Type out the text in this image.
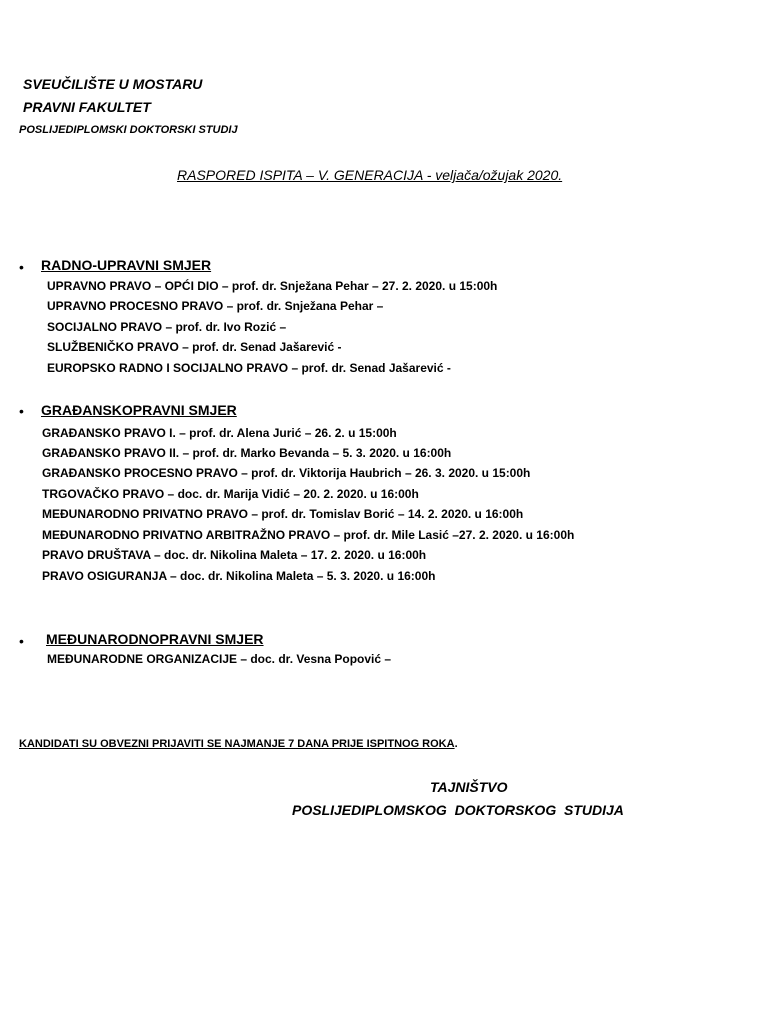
SVEUČILIŠTE U MOSTARU
PRAVNI FAKULTET
POSLIJEDIPLOMSKI DOKTORSKI STUDIJ
RASPORED ISPITA – V. GENERACIJA - veljača/ožujak 2020.
• RADNO-UPRAVNI SMJER
UPRAVNO PRAVO – OPĆI DIO – prof. dr. Snježana Pehar – 27. 2. 2020. u 15:00h
UPRAVNO PROCESNO PRAVO – prof. dr. Snježana Pehar –
SOCIJALNO PRAVO – prof. dr. Ivo Rozić –
SLUŽBENIČKO PRAVO – prof. dr. Senad Jašarević -
EUROPSKO RADNO I SOCIJALNO PRAVO – prof. dr. Senad Jašarević -
• GRAĐANSKOPRAVNI SMJER
GRAĐANSKO PRAVO I. – prof. dr. Alena Jurić – 26. 2. u 15:00h
GRAĐANSKO PRAVO II. – prof. dr. Marko Bevanda – 5. 3. 2020. u 16:00h
GRAĐANSKO PROCESNO PRAVO – prof. dr. Viktorija Haubrich – 26. 3. 2020. u 15:00h
TRGOVAČKO PRAVO – doc. dr. Marija Vidić – 20. 2. 2020. u 16:00h
MEĐUNARODNO PRIVATNO PRAVO – prof. dr. Tomislav Borić – 14. 2. 2020. u 16:00h
MEĐUNARODNO PRIVATNO ARBITRAŽNO PRAVO – prof. dr. Mile Lasić –27. 2. 2020. u 16:00h
PRAVO DRUŠTAVA – doc. dr. Nikolina Maleta – 17. 2. 2020. u 16:00h
PRAVO OSIGURANJA – doc. dr. Nikolina Maleta – 5. 3. 2020. u 16:00h
• MEĐUNARODNOPRAVNI SMJER
MEĐUNARODNE ORGANIZACIJE – doc. dr. Vesna Popović –
KANDIDATI SU OBVEZNI PRIJAVITI SE NAJMANJE 7 DANA PRIJE ISPITNOG ROKA.
TAJNIŠTVO
POSLIJEDIPLOMSKOG  DOKTORSKOG  STUDIJA
